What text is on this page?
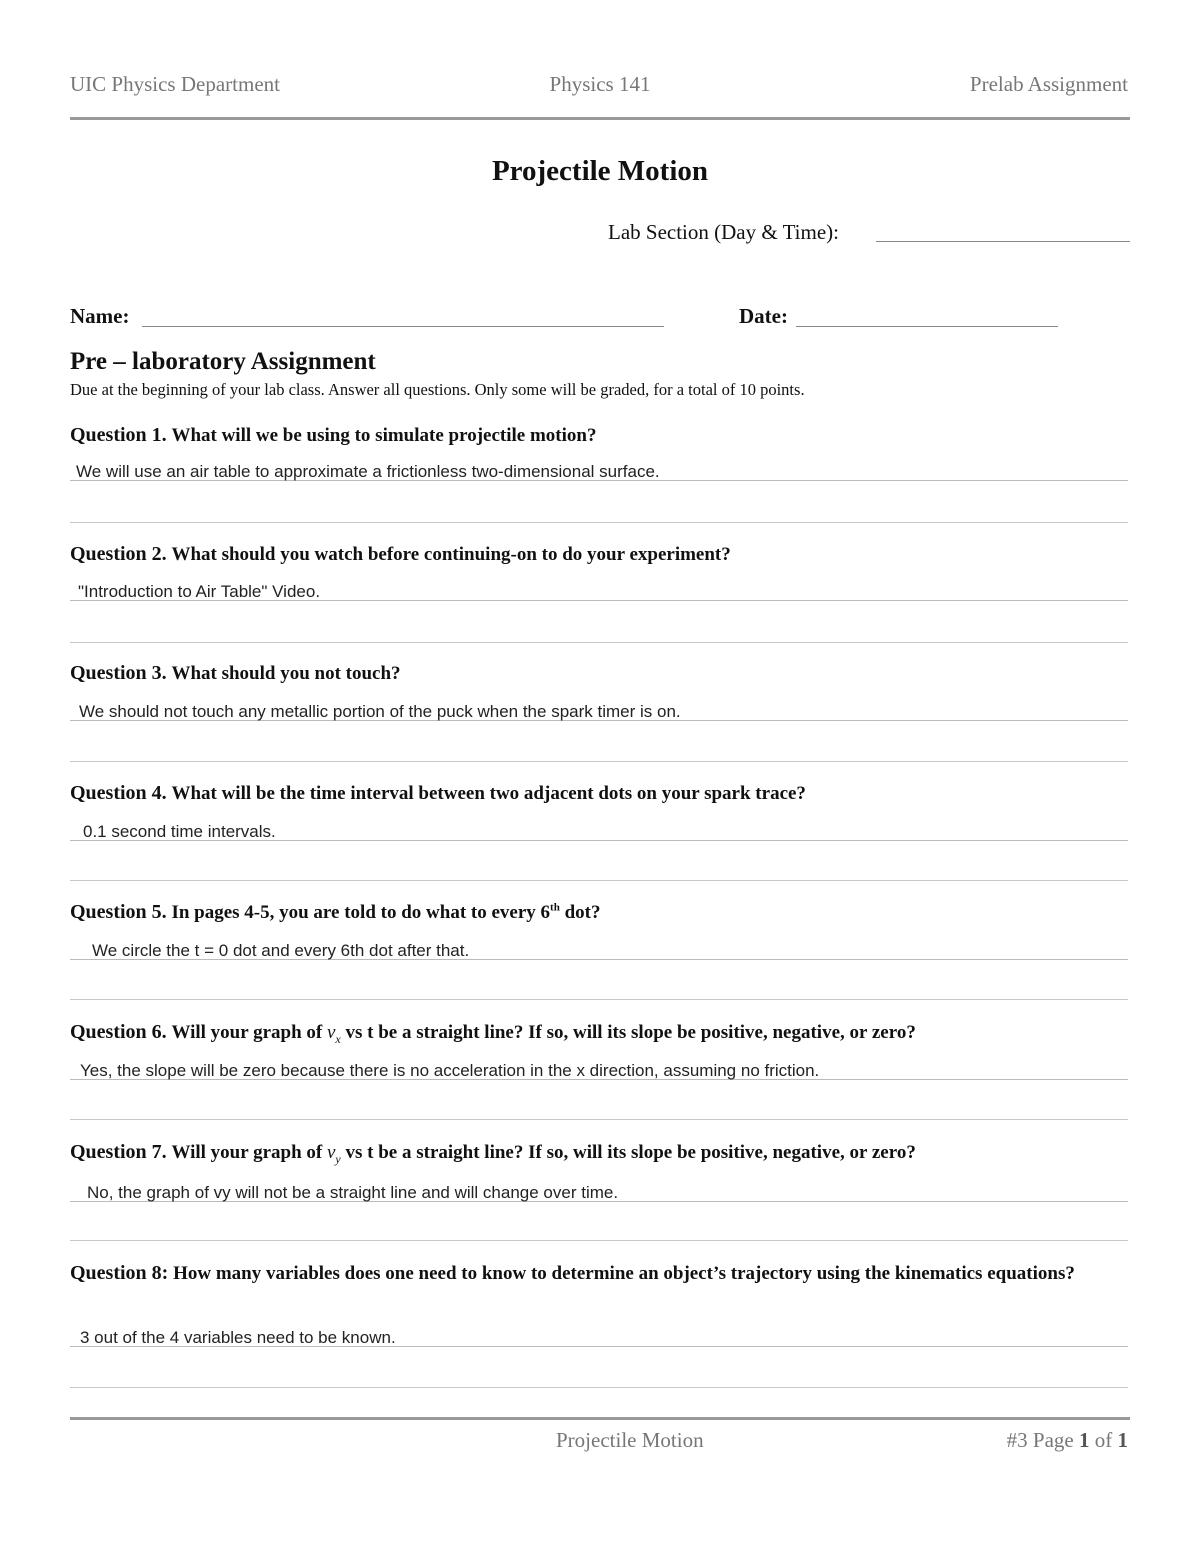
UIC Physics Department	Physics 141	Prelab Assignment
Projectile Motion
Lab Section (Day & Time):
Name:	Date:
Pre – laboratory Assignment
Due at the beginning of your lab class. Answer all questions. Only some will be graded, for a total of 10 points.
Question 1. What will we be using to simulate projectile motion?
We will use an air table to approximate a frictionless two-dimensional surface.
Question 2. What should you watch before continuing-on to do your experiment?
"Introduction to Air Table" Video.
Question 3. What should you not touch?
We should not touch any metallic portion of the puck when the spark timer is on.
Question 4. What will be the time interval between two adjacent dots on your spark trace?
0.1 second time intervals.
Question 5. In pages 4-5, you are told to do what to every 6th dot?
We circle the t = 0 dot and every 6th dot after that.
Question 6. Will your graph of $v_x$ vs t be a straight line? If so, will its slope be positive, negative, or zero?
Yes, the slope will be zero because there is no acceleration in the x direction, assuming no friction.
Question 7. Will your graph of $v_y$ vs t be a straight line? If so, will its slope be positive, negative, or zero?
No, the graph of vy will not be a straight line and will change over time.
Question 8: How many variables does one need to know to determine an object’s trajectory using the kinematics equations?
3 out of the 4 variables need to be known.
Projectile Motion	#3 Page 1 of 1
